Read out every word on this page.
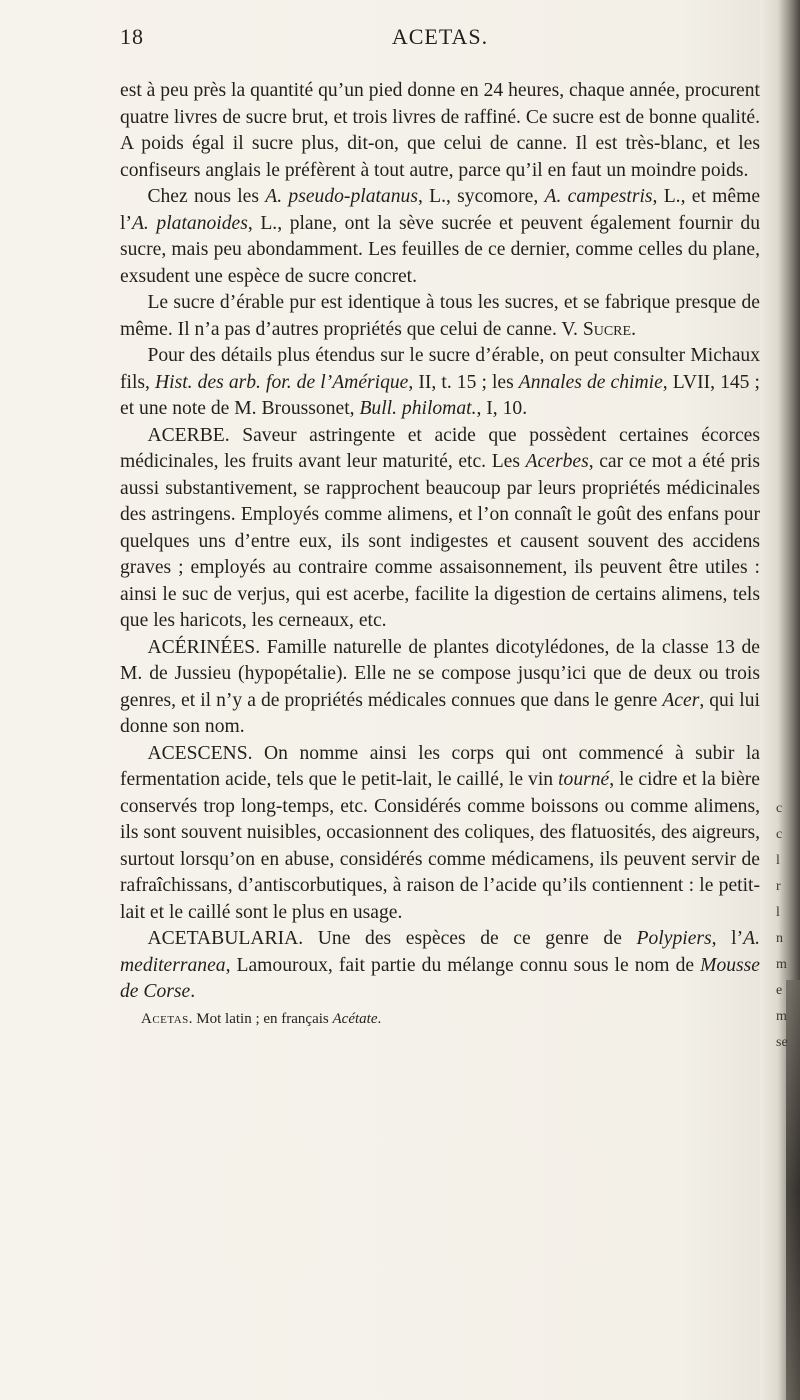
18	ACETAS.

est à peu près la quantité qu’un pied donne en 24 heures, chaque année, procurent quatre livres de sucre brut, et trois livres de raffiné. Ce sucre est de bonne qualité. A poids égal il sucre plus, dit-on, que celui de canne. Il est très-blanc, et les confiseurs anglais le préfèrent à tout autre, parce qu’il en faut un moindre poids.

Chez nous les A. pseudo-platanus, L., sycomore, A. campestris, L., et même l’A. platanoides, L., plane, ont la sève sucrée et peuvent également fournir du sucre, mais peu abondamment. Les feuilles de ce dernier, comme celles du plane, exsudent une espèce de sucre concret.

Le sucre d’érable pur est identique à tous les sucres, et se fabrique presque de même. Il n’a pas d’autres propriétés que celui de canne. V. Sucre.

Pour des détails plus étendus sur le sucre d’érable, on peut consulter Michaux fils, Hist. des arb. for. de l’Amérique, II, t. 15 ; les Annales de chimie, LVII, 145 ; et une note de M. Broussonet, Bull. philomat., I, 10.

ACERBE. Saveur astringente et acide que possèdent certaines écorces médicinales, les fruits avant leur maturité, etc. Les Acerbes, car ce mot a été pris aussi substantivement, se rapprochent beaucoup par leurs propriétés médicinales des astringens. Employés comme alimens, et l’on connaît le goût des enfans pour quelques uns d’entre eux, ils sont indigestes et causent souvent des accidens graves ; employés au contraire comme assaisonnement, ils peuvent être utiles : ainsi le suc de verjus, qui est acerbe, facilite la digestion de certains alimens, tels que les haricots, les cerneaux, etc.

ACÉRINÉES. Famille naturelle de plantes dicotylédones, de la classe 13 de M. de Jussieu (hypopétalie). Elle ne se compose jusqu’ici que de deux ou trois genres, et il n’y a de propriétés médicales connues que dans le genre Acer, qui lui donne son nom.

ACESCENS. On nomme ainsi les corps qui ont commencé à subir la fermentation acide, tels que le petit-lait, le caillé, le vin tourné, le cidre et la bière conservés trop long-temps, etc. Considérés comme boissons ou comme alimens, ils sont souvent nuisibles, occasionnent des coliques, des flatuosités, des aigreurs, surtout lorsqu’on en abuse, considérés comme médicamens, ils peuvent servir de rafraîchissans, d’antiscorbutiques, à raison de l’acide qu’ils contiennent : le petit-lait et le caillé sont le plus en usage.

ACETABULARIA. Une des espèces de ce genre de Polypiers, l’A. mediterranea, Lamouroux, fait partie du mélange connu sous le nom de Mousse de Corse.

Acetas. Mot latin ; en français Acétate.

c
c
l
r
l
n
m
e
m
se
